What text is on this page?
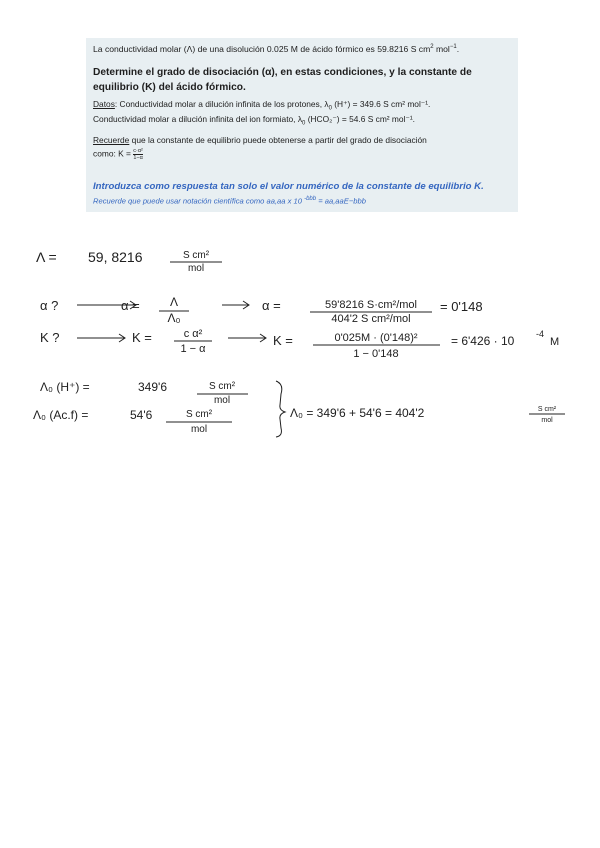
La conductividad molar (Λ) de una disolución 0.025 M de ácido fórmico es 59.8216 S $cm^2$ mol$^{-1}$.

Determine el grado de disociación (α), en estas condiciones, y la constante de
equilibrio (K) del ácido fórmico.

Datos: Conductividad molar a dilución infinita de los protones, $\lambda_0$ (H⁺) = 349.6 S cm² mol⁻¹.

Conductividad molar a dilución infinita del ion formiato, $\lambda_0$ (HCO₂⁻) = 54.6 S cm² mol⁻¹.

Recuerde que la constante de equilibrio puede obtenerse a partir del grado de disociación

como: $K = \frac{\text{c·α²}}{1-\alpha}$

Introduzca como respuesta tan solo el valor numérico de la constante de equilibrio K.

Recuerde que puede usar notación científica como aa,aa x 10 $^{-bbb}$ = aa,aaE−bbb

Λ = 59, 8216	S cm²
mol
α ?	α =	Λ
Λ₀
α =	59'8216 S·cm²/mol
404'2 S cm²/mol
= 0'148
K ?	K =	c α²
1 − α
K =	0'025M · (0'148)²
1 − 0'148
= 6'426 · 10 -4
M
Λ₀ (H⁺) =	349'6	S cm²
mol
Λ₀ (Ac.f) =	54'6	S cm²
mol
Λ₀ = 349'6 + 54'6 = 404'2	S cm²
mol
